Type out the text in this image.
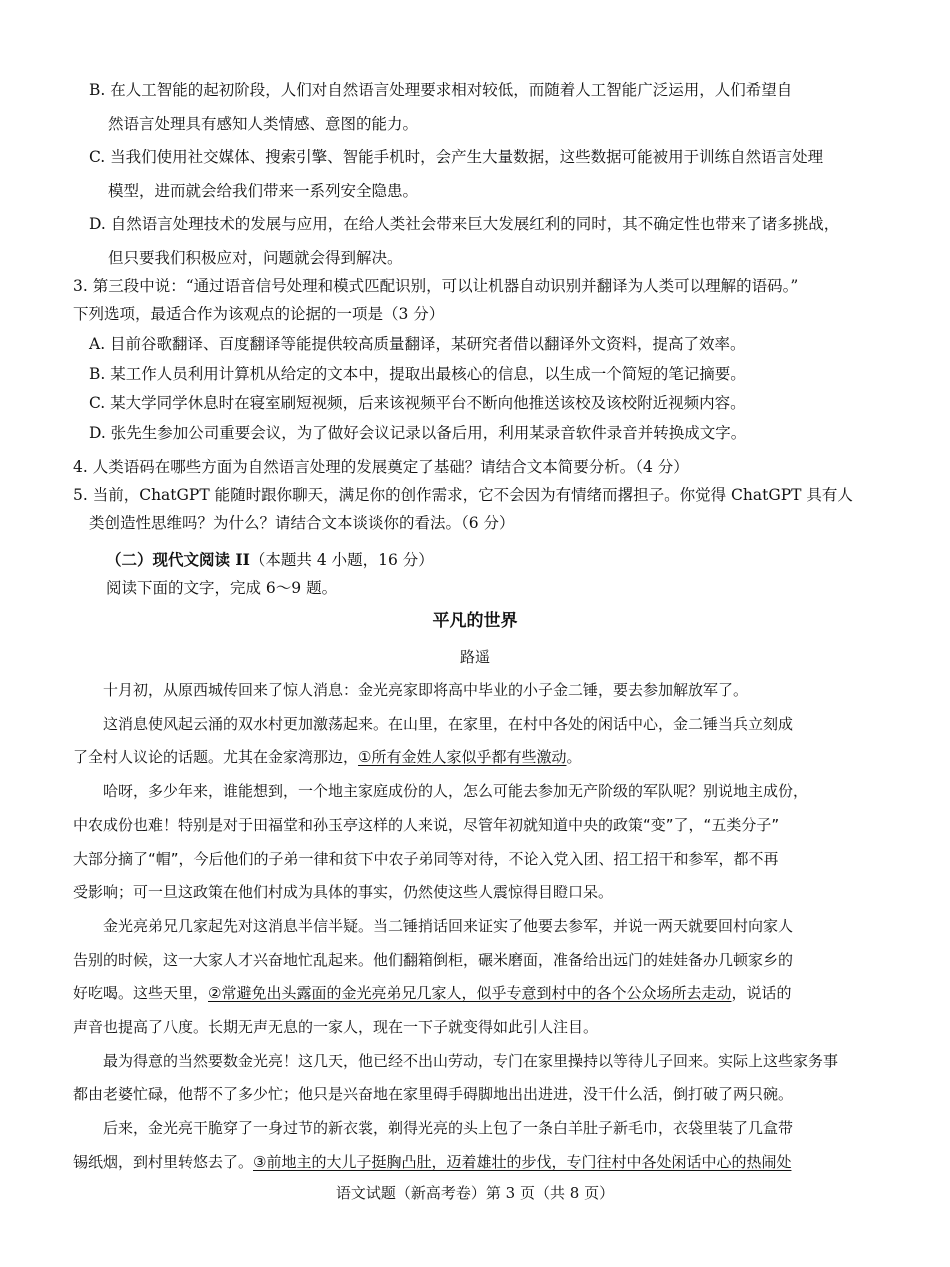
B. 在人工智能的起初阶段，人们对自然语言处理要求相对较低，而随着人工智能广泛运用，人们希望自
然语言处理具有感知人类情感、意图的能力。
C. 当我们使用社交媒体、搜索引擎、智能手机时，会产生大量数据，这些数据可能被用于训练自然语言处理
模型，进而就会给我们带来一系列安全隐患。
D. 自然语言处理技术的发展与应用，在给人类社会带来巨大发展红利的同时，其不确定性也带来了诸多挑战，
但只要我们积极应对，问题就会得到解决。
3. 第三段中说：“通过语音信号处理和模式匹配识别，可以让机器自动识别并翻译为人类可以理解的语码。”
下列选项，最适合作为该观点的论据的一项是（3 分）
A. 目前谷歌翻译、百度翻译等能提供较高质量翻译，某研究者借以翻译外文资料，提高了效率。
B. 某工作人员利用计算机从给定的文本中，提取出最核心的信息，以生成一个简短的笔记摘要。
C. 某大学同学休息时在寝室刷短视频，后来该视频平台不断向他推送该校及该校附近视频内容。
D. 张先生参加公司重要会议，为了做好会议记录以备后用，利用某录音软件录音并转换成文字。
4. 人类语码在哪些方面为自然语言处理的发展奠定了基础？请结合文本简要分析。（4 分）
5. 当前，ChatGPT 能随时跟你聊天，满足你的创作需求，它不会因为有情绪而撂担子。你觉得 ChatGPT 具有人
类创造性思维吗？为什么？请结合文本谈谈你的看法。（6 分）
（二）现代文阅读 II（本题共 4 小题，16 分）
阅读下面的文字，完成 6～9 题。
平凡的世界
路遥
十月初，从原西城传回来了惊人消息：金光亮家即将高中毕业的小子金二锤，要去参加解放军了。
这消息使风起云涌的双水村更加激荡起来。在山里，在家里，在村中各处的闲话中心，金二锤当兵立刻成
了全村人议论的话题。尤其在金家湾那边，①所有金姓人家似乎都有些激动。
哈呀，多少年来，谁能想到，一个地主家庭成份的人，怎么可能去参加无产阶级的军队呢？别说地主成份，
中农成份也难！特别是对于田福堂和孙玉亭这样的人来说，尽管年初就知道中央的政策“变”了，“五类分子”
大部分摘了“帽”，今后他们的子弟一律和贫下中农子弟同等对待，不论入党入团、招工招干和参军，都不再
受影响；可一旦这政策在他们村成为具体的事实，仍然使这些人震惊得目瞪口呆。
金光亮弟兄几家起先对这消息半信半疑。当二锤捎话回来证实了他要去参军，并说一两天就要回村向家人
告别的时候，这一大家人才兴奋地忙乱起来。他们翻箱倒柜，碾米磨面，准备给出远门的娃娃备办几顿家乡的
好吃喝。这些天里，②常避免出头露面的金光亮弟兄几家人，似乎专意到村中的各个公众场所去走动，说话的
声音也提高了八度。长期无声无息的一家人，现在一下子就变得如此引人注目。
最为得意的当然要数金光亮！这几天，他已经不出山劳动，专门在家里操持以等待儿子回来。实际上这些家务事
都由老婆忙碌，他帮不了多少忙；他只是兴奋地在家里碍手碍脚地出出进进，没干什么活，倒打破了两只碗。
后来，金光亮干脆穿了一身过节的新衣裳，剃得光亮的头上包了一条白羊肚子新毛巾，衣袋里装了几盒带
锡纸烟，到村里转悠去了。③前地主的大儿子挺胸凸肚，迈着雄壮的步伐，专门往村中各处闲话中心的热闹处
语文试题（新高考卷）第 3 页（共 8 页）
